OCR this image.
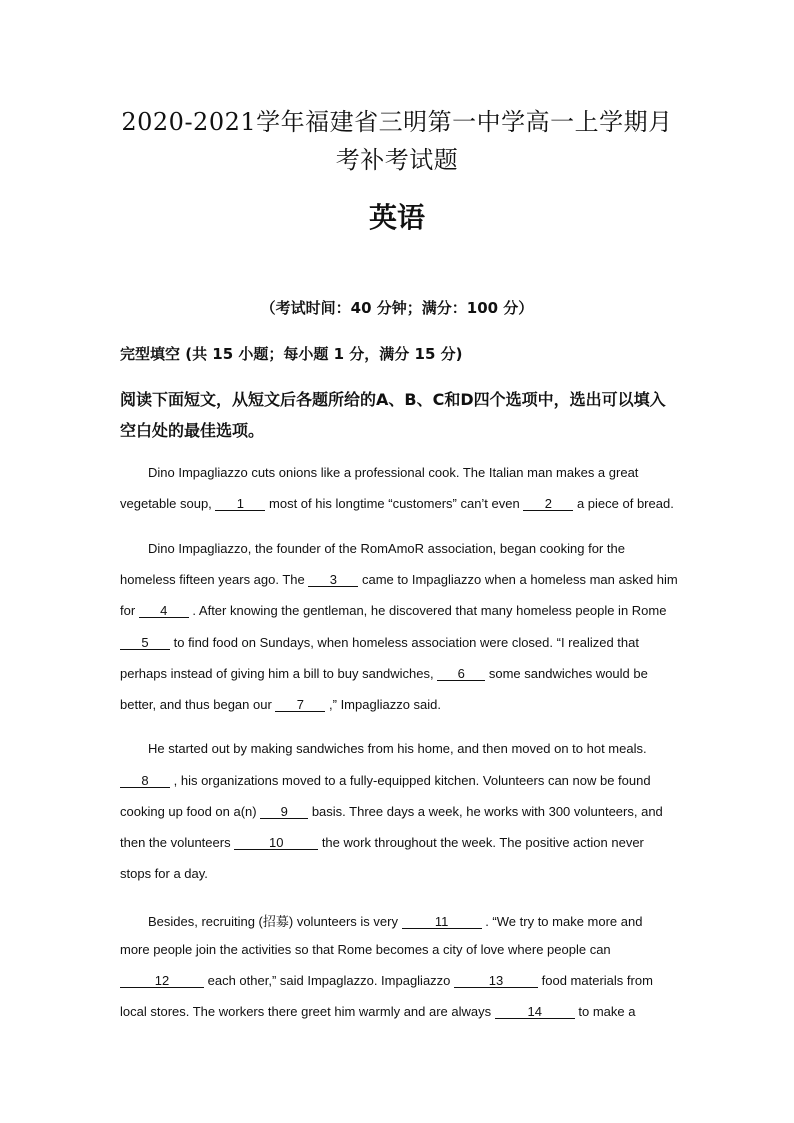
2020-2021学年福建省三明第一中学高一上学期月
考补考试题
英语
（考试时间：40 分钟；满分：100 分）
完型填空 (共 15 小题；每小题 1 分，满分 15 分)
阅读下面短文，从短文后各题所给的A、B、C和D四个选项中，选出可以填入
空白处的最佳选项。
Dino Impagliazzo cuts onions like a professional cook. The Italian man makes a great
vegetable soup, 1 most of his longtime “customers” can’t even 2 a piece of bread.
Dino Impagliazzo, the founder of the RomAmoR association, began cooking for the
homeless fifteen years ago. The 3 came to Impagliazzo when a homeless man asked him
for 4 . After knowing the gentleman, he discovered that many homeless people in Rome
5 to find food on Sundays, when homeless association were closed. “I realized that
perhaps instead of giving him a bill to buy sandwiches, 6 some sandwiches would be
better, and thus began our 7 ,” Impagliazzo said.
He started out by making sandwiches from his home, and then moved on to hot meals.
8 , his organizations moved to a fully-equipped kitchen. Volunteers can now be found
cooking up food on a(n) 9 basis. Three days a week, he works with 300 volunteers, and
then the volunteers	10	the work throughout the week. The positive action never
stops for a day.
Besides, recruiting (招募) volunteers is very	11	. “We try to make more and
more people join the activities so that Rome becomes a city of love where people can
12	each other,” said Impaglazzo. Impagliazzo	13	food materials from
local stores. The workers there greet him warmly and are always	14	to make a
